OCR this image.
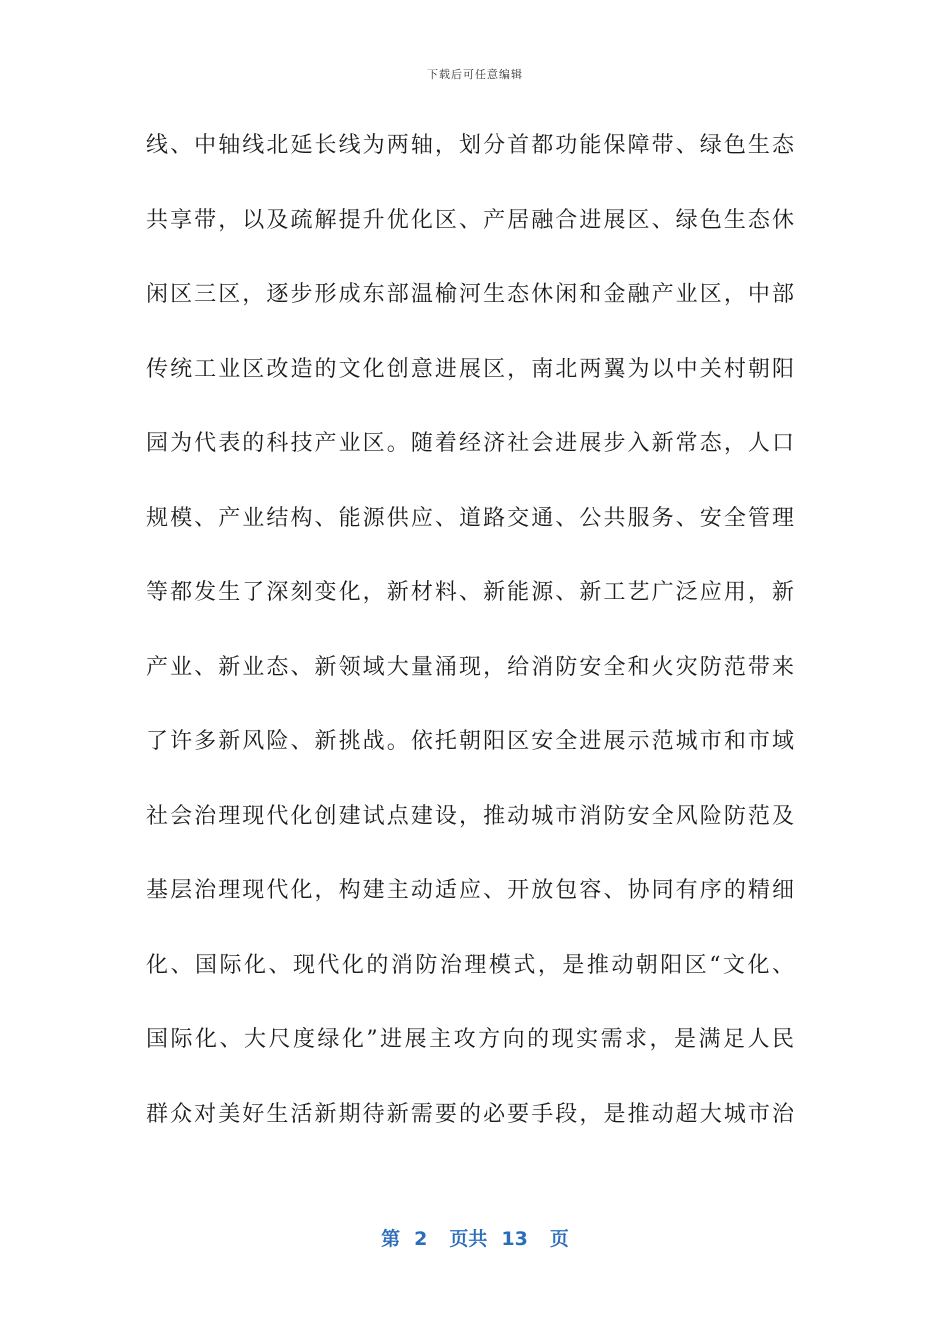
下载后可任意编辑
线、中轴线北延长线为两轴，划分首都功能保障带、绿色生态
共享带，以及疏解提升优化区、产居融合进展区、绿色生态休
闲区三区，逐步形成东部温榆河生态休闲和金融产业区，中部
传统工业区改造的文化创意进展区，南北两翼为以中关村朝阳
园为代表的科技产业区。随着经济社会进展步入新常态，人口
规模、产业结构、能源供应、道路交通、公共服务、安全管理
等都发生了深刻变化，新材料、新能源、新工艺广泛应用，新
产业、新业态、新领域大量涌现，给消防安全和火灾防范带来
了许多新风险、新挑战。依托朝阳区安全进展示范城市和市域
社会治理现代化创建试点建设，推动城市消防安全风险防范及
基层治理现代化，构建主动适应、开放包容、协同有序的精细
化、国际化、现代化的消防治理模式，是推动朝阳区“文化、
国际化、大尺度绿化”进展主攻方向的现实需求，是满足人民
群众对美好生活新期待新需要的必要手段，是推动超大城市治
第 2 页共 13 页
